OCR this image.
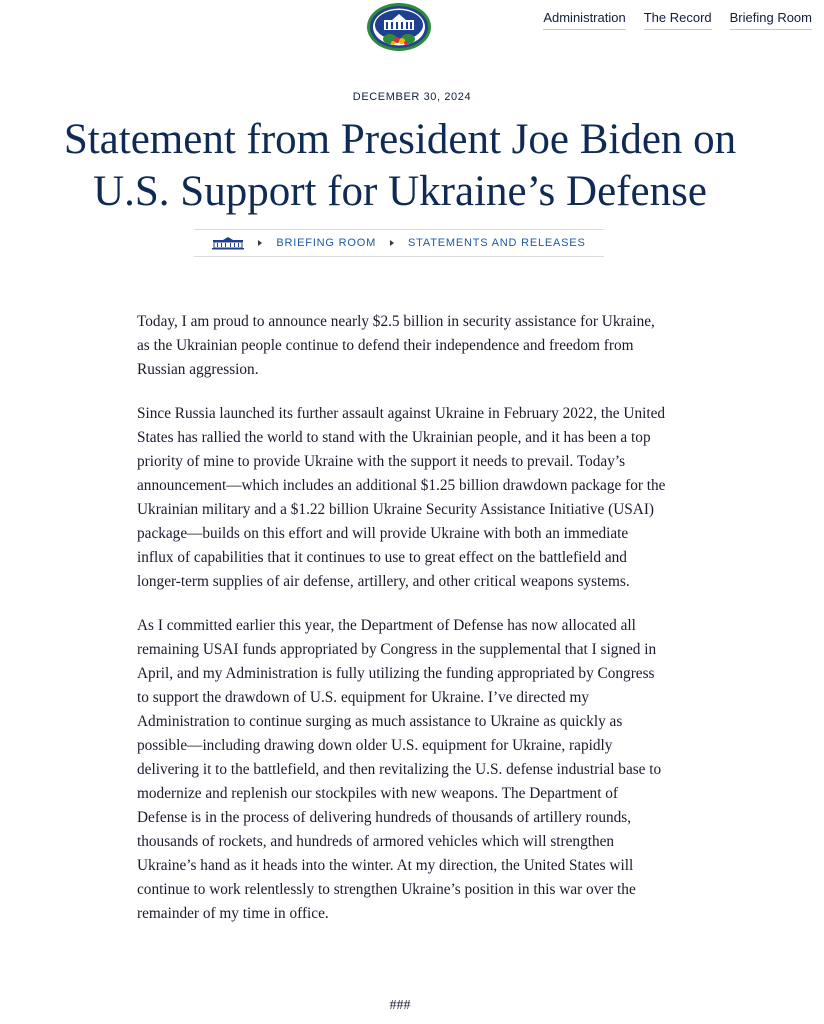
Administration The Record Briefing Room
DECEMBER 30, 2024
Statement from President Joe Biden on
U.S. Support for Ukraine’s Defense
BRIEFING ROOM	STATEMENTS AND RELEASES

Today, I am proud to announce nearly $2.5 billion in security assistance for Ukraine, as the Ukrainian people continue to defend their independence and freedom from Russian aggression.

Since Russia launched its further assault against Ukraine in February 2022, the United States has rallied the world to stand with the Ukrainian people, and it has been a top priority of mine to provide Ukraine with the support it needs to prevail. Today’s announcement—which includes an additional $1.25 billion drawdown package for the Ukrainian military and a $1.22 billion Ukraine Security Assistance Initiative (USAI) package—builds on this effort and will provide Ukraine with both an immediate influx of capabilities that it continues to use to great effect on the battlefield and longer-term supplies of air defense, artillery, and other critical weapons systems.

As I committed earlier this year, the Department of Defense has now allocated all remaining USAI funds appropriated by Congress in the supplemental that I signed in April, and my Administration is fully utilizing the funding appropriated by Congress to support the drawdown of U.S. equipment for Ukraine. I’ve directed my Administration to continue surging as much assistance to Ukraine as quickly as possible—including drawing down older U.S. equipment for Ukraine, rapidly delivering it to the battlefield, and then revitalizing the U.S. defense industrial base to modernize and replenish our stockpiles with new weapons. The Department of Defense is in the process of delivering hundreds of thousands of artillery rounds, thousands of rockets, and hundreds of armored vehicles which will strengthen Ukraine’s hand as it heads into the winter. At my direction, the United States will continue to work relentlessly to strengthen Ukraine’s position in this war over the remainder of my time in office.

###
